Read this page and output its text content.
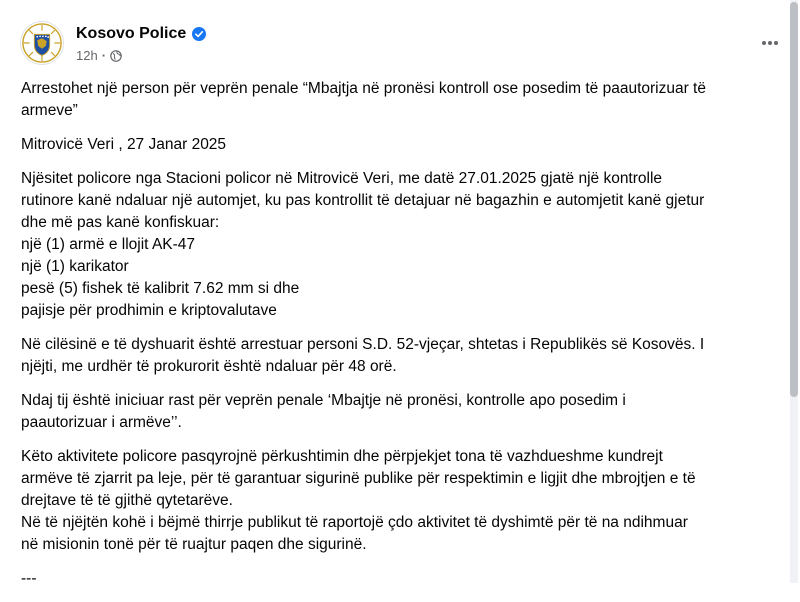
Kosovo Police
12h ·

Arrestohet një person për veprën penale “Mbajtja në pronësi kontroll ose posedim të paautorizuar të
armeve”

Mitrovicë Veri , 27 Janar 2025

Njësitet policore nga Stacioni policor në Mitrovicë Veri, me datë 27.01.2025 gjatë një kontrolle
rutinore kanë ndaluar një automjet, ku pas kontrollit të detajuar në bagazhin e automjetit kanë gjetur
dhe më pas kanë konfiskuar:
një (1) armë e llojit AK-47
një (1) karikator
pesë (5) fishek të kalibrit 7.62 mm si dhe
pajisje për prodhimin e kriptovalutave

Në cilësinë e të dyshuarit është arrestuar personi S.D. 52-vjeçar, shtetas i Republikës së Kosovës. I
njëjti, me urdhër të prokurorit është ndaluar për 48 orë.

Ndaj tij është iniciuar rast për veprën penale ‘Mbajtje në pronësi, kontrolle apo posedim i
paautorizuar i armëve’’.

Këto aktivitete policore pasqyrojnë përkushtimin dhe përpjekjet tona të vazhdueshme kundrejt
armëve të zjarrit pa leje, për të garantuar sigurinë publike për respektimin e ligjit dhe mbrojtjen e të
drejtave të të gjithë qytetarëve.
Në të njëjtën kohë i bëjmë thirrje publikut të raportojë çdo aktivitet të dyshimtë për të na ndihmuar
në misionin tonë për të ruajtur paqen dhe sigurinë.

---
